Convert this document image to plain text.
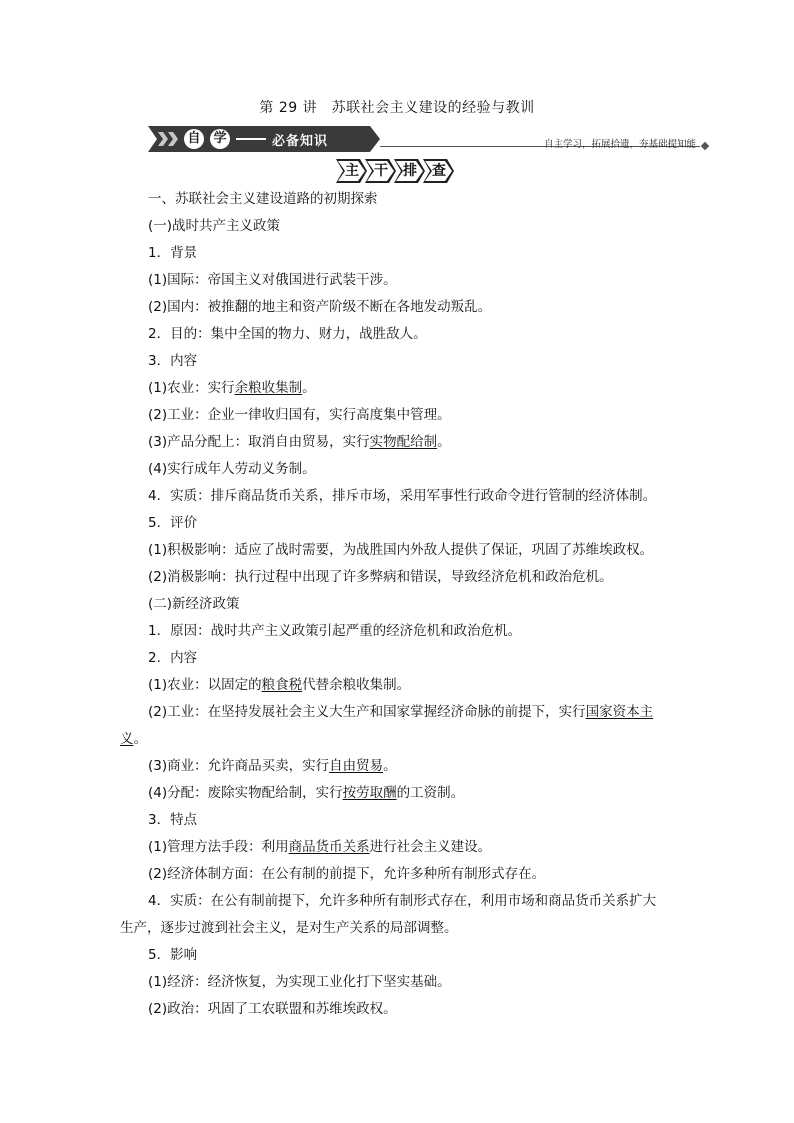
第 29 讲　苏联社会主义建设的经验与教训
自 学	必备知识	自主学习，拓展拾遗，夯基础提知能
主 干 排 查
一、苏联社会主义建设道路的初期探索
(一)战时共产主义政策
1．背景
(1)国际：帝国主义对俄国进行武装干涉。
(2)国内：被推翻的地主和资产阶级不断在各地发动叛乱。
2．目的：集中全国的物力、财力，战胜敌人。
3．内容
(1)农业：实行余粮收集制。
(2)工业：企业一律收归国有，实行高度集中管理。
(3)产品分配上：取消自由贸易，实行实物配给制。
(4)实行成年人劳动义务制。
4．实质：排斥商品货币关系，排斥市场，采用军事性行政命令进行管制的经济体制。
5．评价
(1)积极影响：适应了战时需要，为战胜国内外敌人提供了保证，巩固了苏维埃政权。
(2)消极影响：执行过程中出现了许多弊病和错误，导致经济危机和政治危机。
(二)新经济政策
1．原因：战时共产主义政策引起严重的经济危机和政治危机。
2．内容
(1)农业：以固定的粮食税代替余粮收集制。
(2)工业：在坚持发展社会主义大生产和国家掌握经济命脉的前提下，实行国家资本主
义。
(3)商业：允许商品买卖，实行自由贸易。
(4)分配：废除实物配给制，实行按劳取酬的工资制。
3．特点
(1)管理方法手段：利用商品货币关系进行社会主义建设。
(2)经济体制方面：在公有制的前提下，允许多种所有制形式存在。
4．实质：在公有制前提下，允许多种所有制形式存在，利用市场和商品货币关系扩大
生产，逐步过渡到社会主义，是对生产关系的局部调整。
5．影响
(1)经济：经济恢复，为实现工业化打下坚实基础。
(2)政治：巩固了工农联盟和苏维埃政权。
